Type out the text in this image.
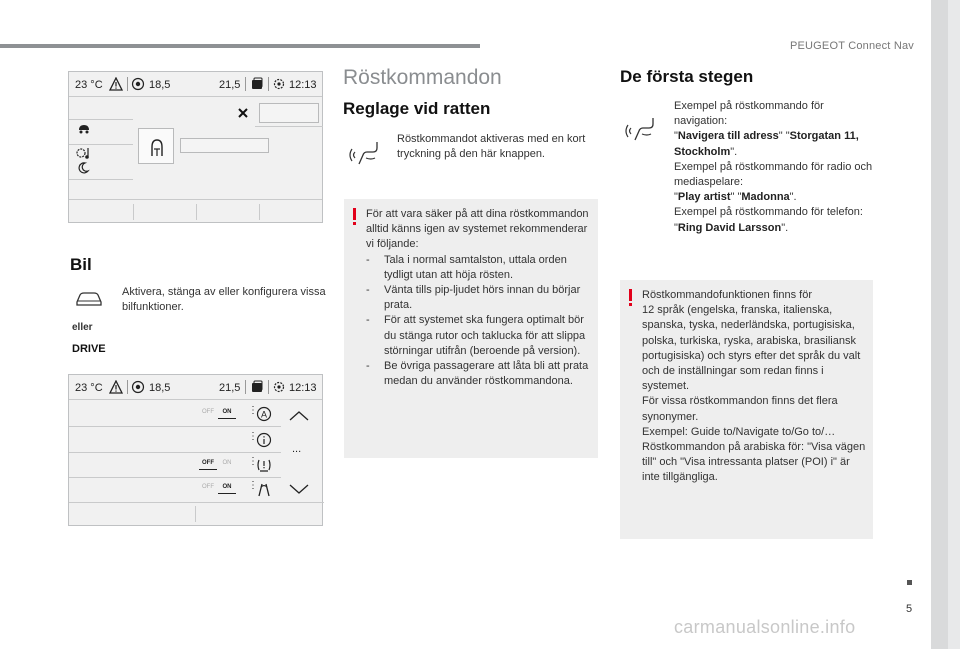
PEUGEOT Connect Nav
23 °C	18,5	21,5	12:13
Bil
Aktivera, stänga av eller konfigurera vissa bilfunktioner.
eller
DRIVE
23 °C	18,5	21,5	12:13
OFF	ON	⋮ A
⋮
OFF	ON	⋮
OFF	ON	⋮
...
Röstkommandon
Reglage vid ratten
Röstkommandot aktiveras med en kort tryckning på den här knappen.
För att vara säker på att dina röstkommandon alltid känns igen av systemet rekommenderar vi följande:
-	Tala i normal samtalston, uttala orden tydligt utan att höja rösten.
-	Vänta tills pip-ljudet hörs innan du börjar prata.
-	För att systemet ska fungera optimalt bör du stänga rutor och taklucka för att slippa störningar utifrån (beroende på version).
-	Be övriga passagerare att låta bli att prata medan du använder röstkommandona.
De första stegen
Exempel på röstkommando för navigation:
"Navigera till adress" "Storgatan 11, Stockholm".
Exempel på röstkommando för radio och mediaspelare:
"Play artist" "Madonna".
Exempel på röstkommando för telefon:
"Ring David Larsson".
Röstkommandofunktionen finns för
12 språk (engelska, franska, italienska, spanska, tyska, nederländska, portugisiska, polska, turkiska, ryska, arabiska, brasiliansk portugisiska) och styrs efter det språk du valt och de inställningar som redan finns i systemet.
För vissa röstkommandon finns det flera synonymer.
Exempel: Guide to/Navigate to/Go to/…
Röstkommandon på arabiska för: "Visa vägen till" och "Visa intressanta platser (POI) i" är inte tillgängliga.
5
carmanualsonline.info
